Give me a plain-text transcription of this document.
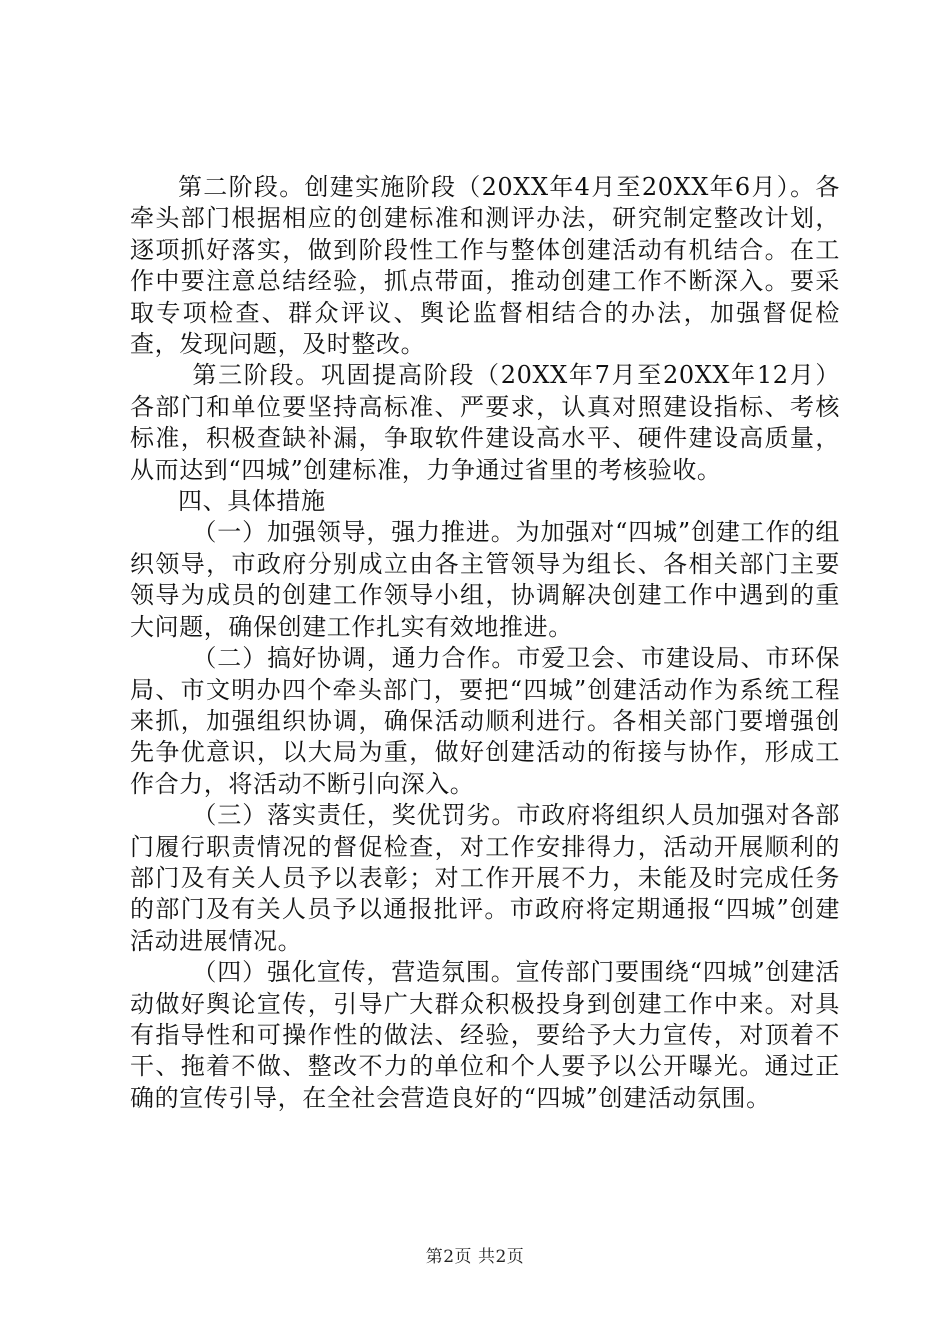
第二阶段。创建实施阶段（20XX年4月至20XX年6月）。各牵头部门根据相应的创建标准和测评办法，研究制定整改计划，逐项抓好落实，做到阶段性工作与整体创建活动有机结合。在工作中要注意总结经验，抓点带面，推动创建工作不断深入。要采取专项检查、群众评议、舆论监督相结合的办法，加强督促检查，发现问题，及时整改。

第三阶段。巩固提高阶段（20XX年7月至20XX年12月）各部门和单位要坚持高标准、严要求，认真对照建设指标、考核标准，积极查缺补漏，争取软件建设高水平、硬件建设高质量，从而达到“四城”创建标准，力争通过省里的考核验收。

四、具体措施

（一）加强领导，强力推进。为加强对“四城”创建工作的组织领导，市政府分别成立由各主管领导为组长、各相关部门主要领导为成员的创建工作领导小组，协调解决创建工作中遇到的重大问题，确保创建工作扎实有效地推进。

（二）搞好协调，通力合作。市爱卫会、市建设局、市环保局、市文明办四个牵头部门，要把“四城”创建活动作为系统工程来抓，加强组织协调，确保活动顺利进行。各相关部门要增强创先争优意识，以大局为重，做好创建活动的衔接与协作，形成工作合力，将活动不断引向深入。

（三）落实责任，奖优罚劣。市政府将组织人员加强对各部门履行职责情况的督促检查，对工作安排得力，活动开展顺利的部门及有关人员予以表彰；对工作开展不力，未能及时完成任务的部门及有关人员予以通报批评。市政府将定期通报“四城”创建活动进展情况。

（四）强化宣传，营造氛围。宣传部门要围绕“四城”创建活动做好舆论宣传，引导广大群众积极投身到创建工作中来。对具有指导性和可操作性的做法、经验，要给予大力宣传，对顶着不干、拖着不做、整改不力的单位和个人要予以公开曝光。通过正确的宣传引导，在全社会营造良好的“四城”创建活动氛围。

第2页 共2页
